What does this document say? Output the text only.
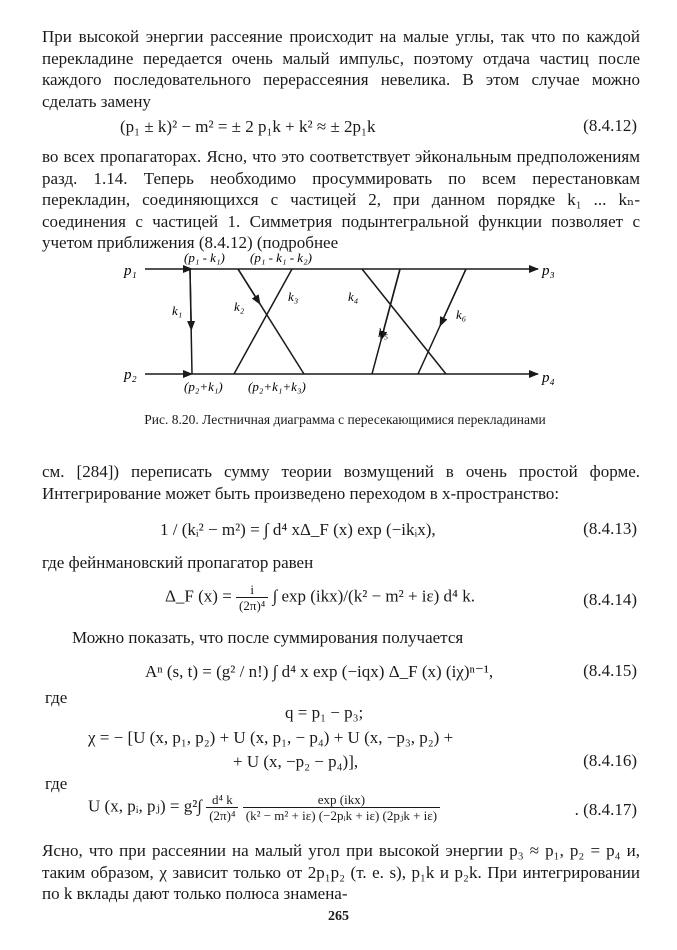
При высокой энергии рассеяние происходит на малые углы, так что по каждой перекладине передается очень малый импульс, поэтому отдача частиц после каждого последовательного перерассеяния невелика. В этом случае можно сделать замену
(p₁ ± k)² − m² = ± 2 p₁k + k² ≈ ± 2p₁k	(8.4.12)
во всех пропагаторах. Ясно, что это соответствует эйкональным предположениям разд. 1.14. Теперь необходимо просуммировать по всем перестановкам перекладин, соединяющихся с частицей 2, при данном порядке k₁ ... kₙ-соединения с частицей 1. Симметрия подынтегральной функции позволяет с учетом приближения (8.4.12) (подробнее
p₁
p₂
p₃
p₄
(p₁ - k₁) (p₁ - k₁ - k₂)
(p₂+k₁) (p₂+k₁+k₃)
k₁	k₂
k₃	k₄
k₅
k₆
Рис. 8.20. Лестничная диаграмма с пересекающимися перекладинами
см. [284]) переписать сумму теории возмущений в очень простой форме. Интегрирование может быть произведено переходом в x-пространство:
1 / (kᵢ² − m²) = ∫ d⁴ xΔ_F (x) exp (−ikᵢx),	(8.4.13)
где фейнмановский пропагатор равен
Δ_F $(x) = \frac{i}{\text{(2π)⁴}}$ ∫ exp (ikx)/(k² − m² + iε) d⁴ k.	(8.4.14)
Можно показать, что после суммирования получается
Aⁿ (s, t) = (g² / n!) ∫ d⁴ x exp (−iqx) Δ_F (x) (iχ)ⁿ⁻¹,	(8.4.15)
где
q = p₁ − p₃;
χ = − [U (x, p₁, p₂) + U (x, p₁, − p₄) + U (x, −p₃, p₂) +
+ U (x, −p₂ − p₄)],	(8.4.16)
где
U (x, pᵢ, pⱼ) = $g^2\int \frac{\text{d⁴ k}}{\text{(2π)⁴}}$
$\frac{\text{exp (ikx)}}{\text{(k² − m² + iε) (−2pᵢk + iε) (2pⱼk + iε)}}$	. (8.4.17)
Ясно, что при рассеянии на малый угол при высокой энергии p₃ ≈ p₁, p₂ = p₄ и, таким образом, χ зависит только от 2p₁p₂ (т. е. s), p₁k и p₂k. При интегрировании по k вклады дают только полюса знамена-
265
